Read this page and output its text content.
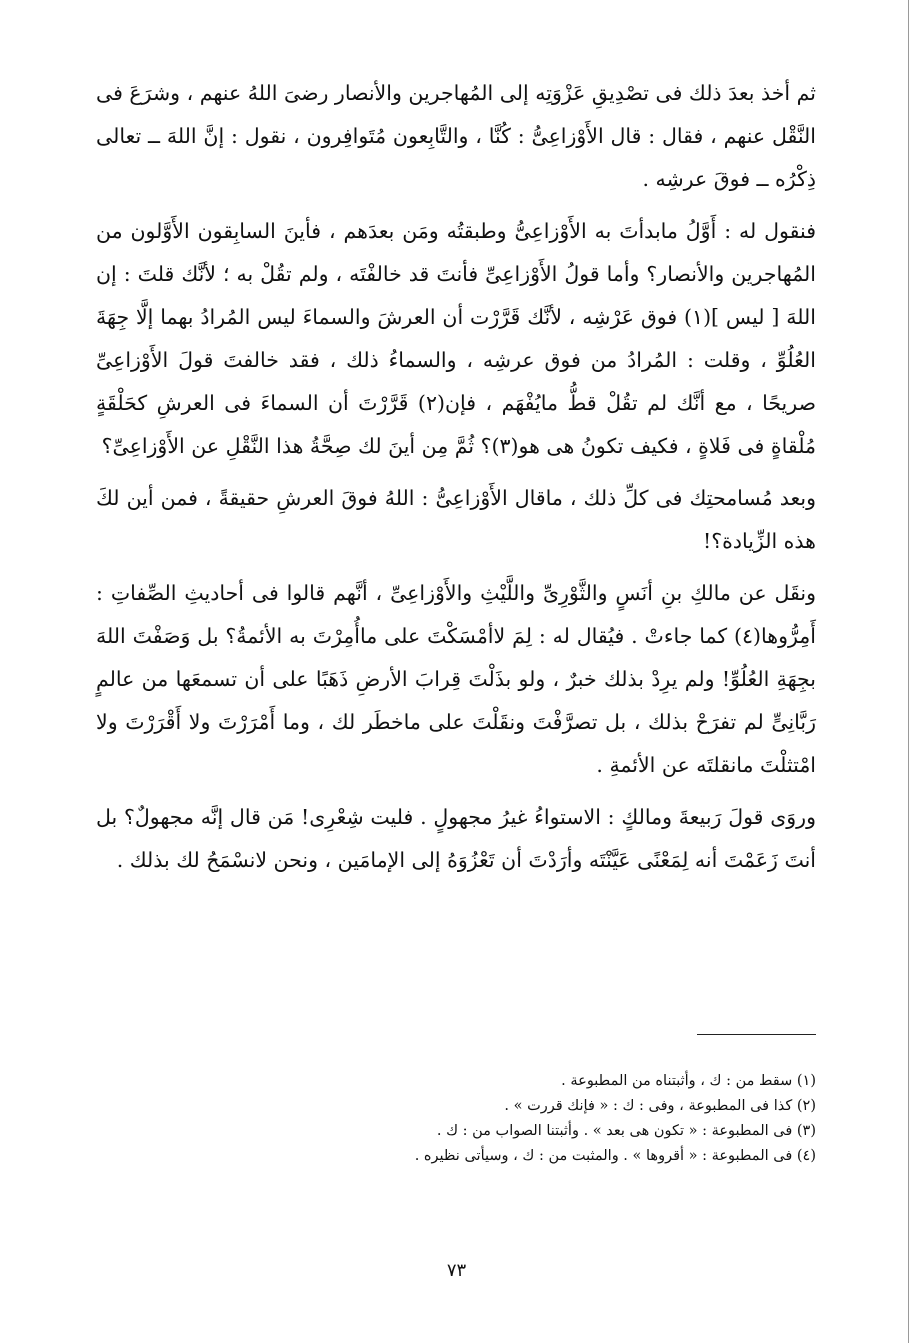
ثم أخذ بعدَ ذلك فى تصْدِيقِ عَزْوَتِه إلى المُهاجرين والأنصار رضىَ اللهُ عنهم ، وشرَعَ فى النَّقْل عنهم ، فقال : قال الأَوْزاعِىُّ : كُنَّا ، والتَّابِعون مُتَوافِرون ، نقول : إنَّ اللهَ ــ تعالى ذِكْرُه ــ فوقَ عرشِه .

فنقول له : أَوَّلُ مابدأتَ به الأَوْزاعِىُّ وطبقتُه ومَن بعدَهم ، فأينَ السابِقون الأَوَّلون من المُهاجرين والأنصار؟ وأما قولُ الأَوْزاعِىِّ فأنتَ قد خالفْتَه ، ولم تقُلْ به ؛ لأنَّك قلتَ : إن اللهَ [ ليس ](١) فوق عَرْشِه ، لأنَّك قَرَّرْت أن العرشَ والسماءَ ليس المُرادُ بهما إلَّا جِهَةَ العُلُوِّ ، وقلت : المُرادُ من فوق عرشِه ، والسماءُ ذلك ، فقد خالفتَ قولَ الأَوْزاعِىِّ صريحًا ، مع أنَّك لم تقُلْ قطُّ مايُفْهَم ، فإن(٢) قَرَّرْتَ أن السماءَ فى العرشِ كحَلْقَةٍ مُلْقاةٍ فى فَلاةٍ ، فكيف تكونُ هى هو(٣)؟ ثُمَّ مِن أينَ لك صِحَّةُ هذا النَّقْلِ عن الأَوْزاعِىِّ؟

وبعد مُسامحتِك فى كلِّ ذلك ، ماقال الأَوْزاعِىُّ : اللهُ فوقَ العرشِ حقيقةً ، فمن أين لكَ هذه الزِّيادة؟!

ونقَل عن مالكِ بنِ أنَسٍ والثَّوْرِىِّ واللَّيْثِ والأَوْزاعِىِّ ، أنَّهم قالوا فى أحاديثِ الصِّفاتِ : أَمِرُّوها(٤) كما جاءتْ . فيُقال له : لِمَ لاأمْسَكْتَ على ماأُمِرْتَ به الأئمةُ؟ بل وَصَفْتَ اللهَ بجِهَةِ العُلُوِّ! ولم يرِدْ بذلك خبرٌ ، ولو بذَلْتَ قِرابَ الأرضِ ذَهَبًا على أن تسمعَها من عالمٍ رَبَّانِىٍّ لم تفرَحْ بذلك ، بل تصرَّفْتَ ونقَلْتَ على ماخطَر لك ، وما أَمْرَرْتَ ولا أَقْرَرْتَ ولا امْتثلْتَ مانقلتَه عن الأئمةِ .

وروَى قولَ رَبيعةَ ومالكٍ : الاستواءُ غيرُ مجهولٍ . فليت شِعْرِى! مَن قال إنَّه مجهولٌ؟ بل أنتَ زَعَمْتَ أنه لِمَعْنًى عَيَّنْتَه وأرَدْتَ أن تَعْزُوَهُ إلى الإمامَين ، ونحن لانسْمَحُ لك بذلك .

(١) سقط من : ك ، وأثبتناه من المطبوعة .

(٢) كذا فى المطبوعة ، وفى : ك : « فإنك قررت » .

(٣) فى المطبوعة : « تكون هى بعد » . وأثبتنا الصواب من : ك .

(٤) فى المطبوعة : « أقروها » . والمثبت من : ك ، وسيأتى نظيره .

٧٣
